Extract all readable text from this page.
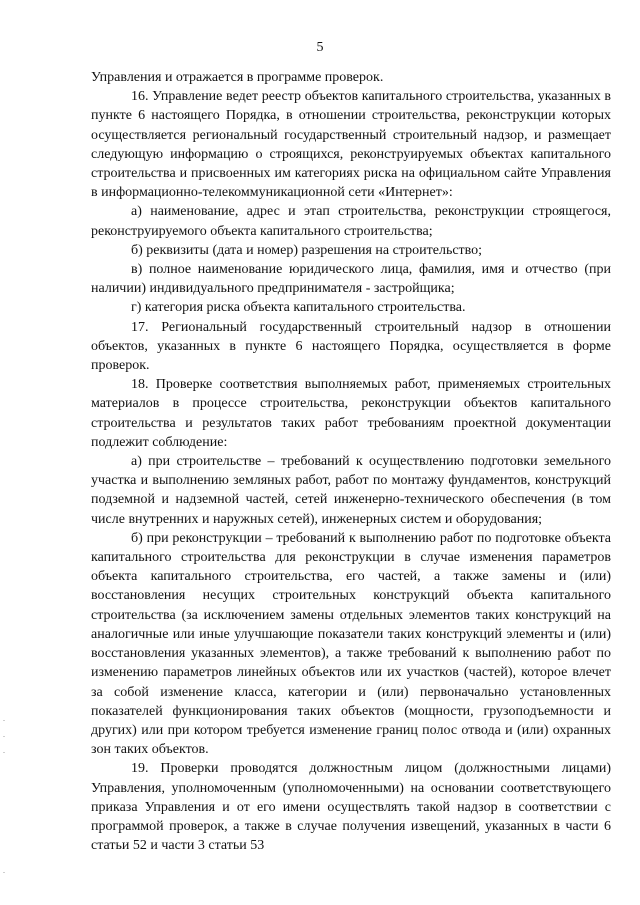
5

Управления и отражается в программе проверок.

16. Управление ведет реестр объектов капитального строительства, указанных в пункте 6 настоящего Порядка, в отношении строительства, реконструкции которых осуществляется региональный государственный строительный надзор, и размещает следующую информацию о строящихся, реконструируемых объектах капитального строительства и присвоенных им категориях риска на официальном сайте Управления в информационно-телекоммуникационной сети «Интернет»:

а) наименование, адрес и этап строительства, реконструкции строящегося, реконструируемого объекта капитального строительства;

б) реквизиты (дата и номер) разрешения на строительство;

в) полное наименование юридического лица, фамилия, имя и отчество (при наличии) индивидуального предпринимателя - застройщика;

г) категория риска объекта капитального строительства.

17. Региональный государственный строительный надзор в отношении объектов, указанных в пункте 6 настоящего Порядка, осуществляется в форме проверок.

18. Проверке соответствия выполняемых работ, применяемых строительных материалов в процессе строительства, реконструкции объектов капитального строительства и результатов таких работ требованиям проектной документации подлежит соблюдение:

а) при строительстве – требований к осуществлению подготовки земельного участка и выполнению земляных работ, работ по монтажу фундаментов, конструкций подземной и надземной частей, сетей инженерно-технического обеспечения (в том числе внутренних и наружных сетей), инженерных систем и оборудования;

б) при реконструкции – требований к выполнению работ по подготовке объекта капитального строительства для реконструкции в случае изменения параметров объекта капитального строительства, его частей, а также замены и (или) восстановления несущих строительных конструкций объекта капитального строительства (за исключением замены отдельных элементов таких конструкций на аналогичные или иные улучшающие показатели таких конструкций элементы и (или) восстановления указанных элементов), а также требований к выполнению работ по изменению параметров линейных объектов или их участков (частей), которое влечет за собой изменение класса, категории и (или) первоначально установленных показателей функционирования таких объектов (мощности, грузоподъемности и других) или при котором требуется изменение границ полос отвода и (или) охранных зон таких объектов.

19. Проверки проводятся должностным лицом (должностными лицами) Управления, уполномоченным (уполномоченными) на основании соответствующего приказа Управления и от его имени осуществлять такой надзор в соответствии с программой проверок, а также в случае получения извещений, указанных в части 6 статьи 52 и части 3 статьи 53
